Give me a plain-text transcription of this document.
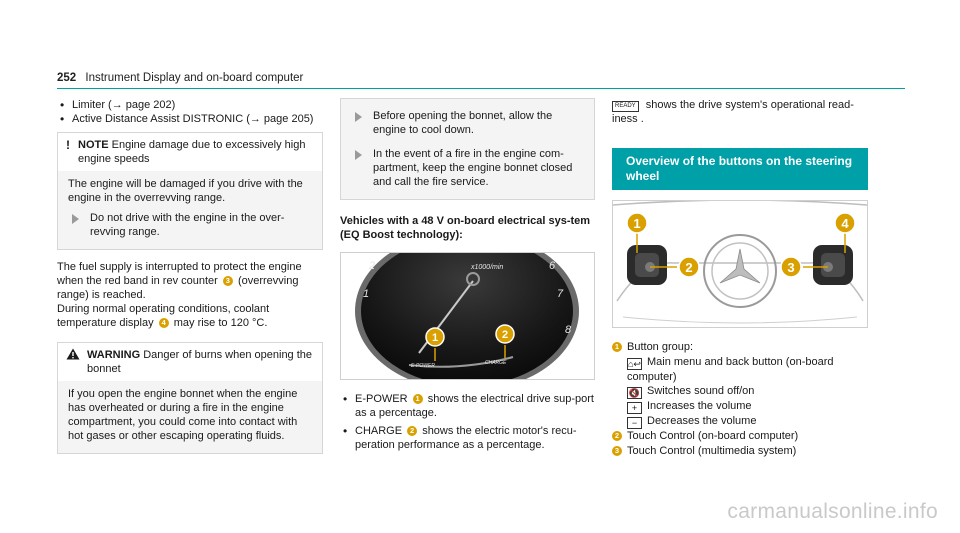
252 Instrument Display and on-board computer
• Limiter (→ page 202)
• Active Distance Assist DISTRONIC (→ page 205)
! NOTE Engine damage due to excessively high engine speeds

The engine will be damaged if you drive with the engine in the overrevving range.

Do not drive with the engine in the over-revving range.

The fuel supply is interrupted to protect the engine when the red band in rev counter 3 (overrevving range) is reached.

During normal operating conditions, coolant temperature display 4 may rise to 120 °C.

WARNING Danger of burns when opening the bonnet

If you open the engine bonnet when the engine has overheated or during a fire in the engine compartment, you could come into contact with hot gases or other escaping operating fluids.

Before opening the bonnet, allow the engine to cool down.
In the event of a fire in the engine com-partment, keep the engine bonnet closed and call the fire service.

Vehicles with a 48 V on-board electrical sys-tem (EQ Boost technology):

x1000/min
2
1
6
7
8
E-POWER	CHARGE
1	2
• E-POWER 1 shows the electrical drive sup-port as a percentage.
• CHARGE 2 shows the electric motor's recu-peration performance as a percentage.

READY shows the drive system's operational read-iness .

Overview of the buttons on the steering wheel
1
2	3
4
1 Button group:
⌂↩ Main menu and back button (on-board computer)
🔇 Switches sound off/on
+ Increases the volume
− Decreases the volume
2 Touch Control (on-board computer)
3 Touch Control (multimedia system)
carmanualsonline.info
